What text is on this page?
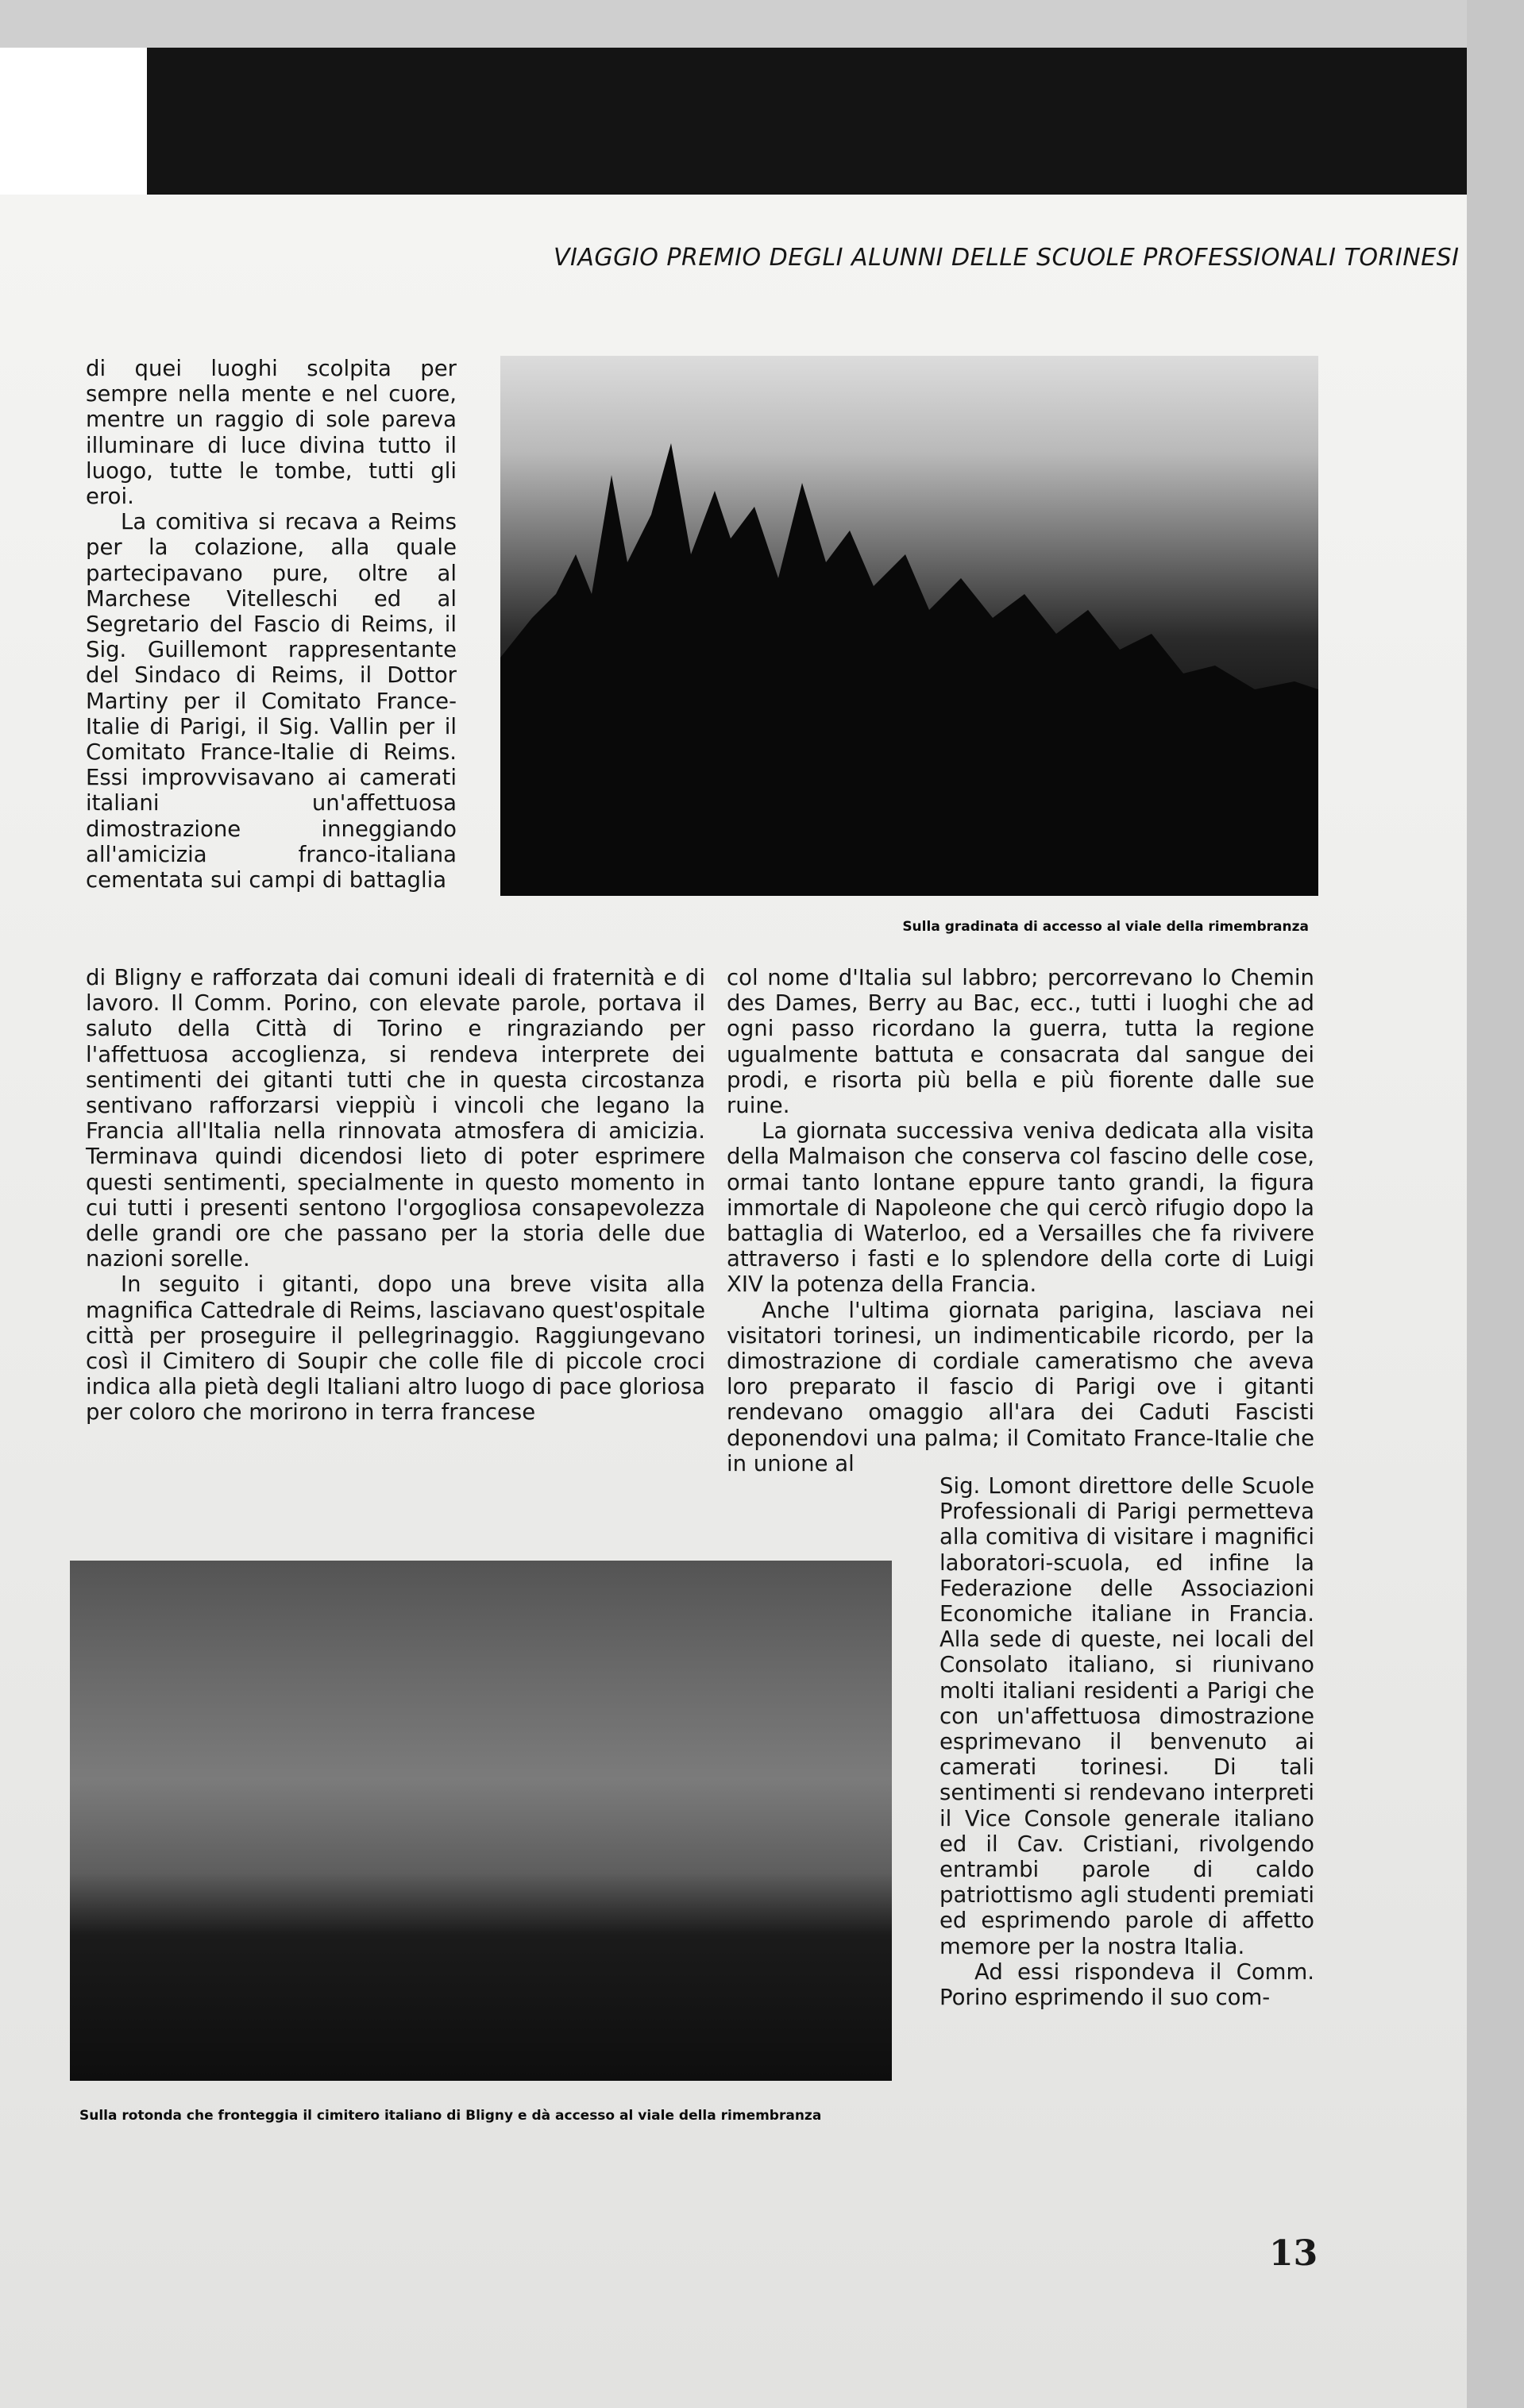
VIAGGIO PREMIO DEGLI ALUNNI DELLE SCUOLE PROFESSIONALI TORINESI

di quei luoghi scolpita per sempre nella mente e nel cuore, mentre un raggio di sole pareva illuminare di luce divina tutto il luogo, tutte le tombe, tutti gli eroi.

La comitiva si recava a Reims per la colazione, alla quale partecipavano pure, oltre al Marchese Vitelleschi ed al Segretario del Fascio di Reims, il Sig. Guillemont rappresentante del Sindaco di Reims, il Dottor Martiny per il Comitato France-Italie di Parigi, il Sig. Vallin per il Comitato France-Italie di Reims. Essi improvvisavano ai camerati italiani un'affettuosa dimostrazione inneggiando all'amicizia franco-italiana cementata sui campi di battaglia

Sulla gradinata di accesso al viale della rimembranza

di Bligny e rafforzata dai comuni ideali di fraternità e di lavoro. Il Comm. Porino, con elevate parole, portava il saluto della Città di Torino e ringraziando per l'affettuosa accoglienza, si rendeva interprete dei sentimenti dei gitanti tutti che in questa circostanza sentivano rafforzarsi vieppiù i vincoli che legano la Francia all'Italia nella rinnovata atmosfera di amicizia. Terminava quindi dicendosi lieto di poter esprimere questi sentimenti, specialmente in questo momento in cui tutti i presenti sentono l'orgogliosa consapevolezza delle grandi ore che passano per la storia delle due nazioni sorelle.

In seguito i gitanti, dopo una breve visita alla magnifica Cattedrale di Reims, lasciavano quest'ospitale città per proseguire il pellegrinaggio. Raggiungevano così il Cimitero di Soupir che colle file di piccole croci indica alla pietà degli Italiani altro luogo di pace gloriosa per coloro che morirono in terra francese

col nome d'Italia sul labbro; percorrevano lo Chemin des Dames, Berry au Bac, ecc., tutti i luoghi che ad ogni passo ricordano la guerra, tutta la regione ugualmente battuta e consacrata dal sangue dei prodi, e risorta più bella e più fiorente dalle sue ruine.

La giornata successiva veniva dedicata alla visita della Malmaison che conserva col fascino delle cose, ormai tanto lontane eppure tanto grandi, la figura immortale di Napoleone che qui cercò rifugio dopo la battaglia di Waterloo, ed a Versailles che fa rivivere attraverso i fasti e lo splendore della corte di Luigi XIV la potenza della Francia.

Anche l'ultima giornata parigina, lasciava nei visitatori torinesi, un indimenticabile ricordo, per la dimostrazione di cordiale cameratismo che aveva loro preparato il fascio di Parigi ove i gitanti rendevano omaggio all'ara dei Caduti Fascisti deponendovi una palma; il Comitato France-Italie che in unione al

Sig. Lomont direttore delle Scuole Professionali di Parigi permetteva alla comitiva di visitare i magnifici laboratori-scuola, ed infine la Federazione delle Associazioni Economiche italiane in Francia. Alla sede di queste, nei locali del Consolato italiano, si riunivano molti italiani residenti a Parigi che con un'affettuosa dimostrazione esprimevano il benvenuto ai camerati torinesi. Di tali sentimenti si rendevano interpreti il Vice Console generale italiano ed il Cav. Cristiani, rivolgendo entrambi parole di caldo patriottismo agli studenti premiati ed esprimendo parole di affetto memore per la nostra Italia.

Ad essi rispondeva il Comm. Porino esprimendo il suo com-

Sulla rotonda che fronteggia il cimitero italiano di Bligny e dà accesso al viale della rimembranza
13
